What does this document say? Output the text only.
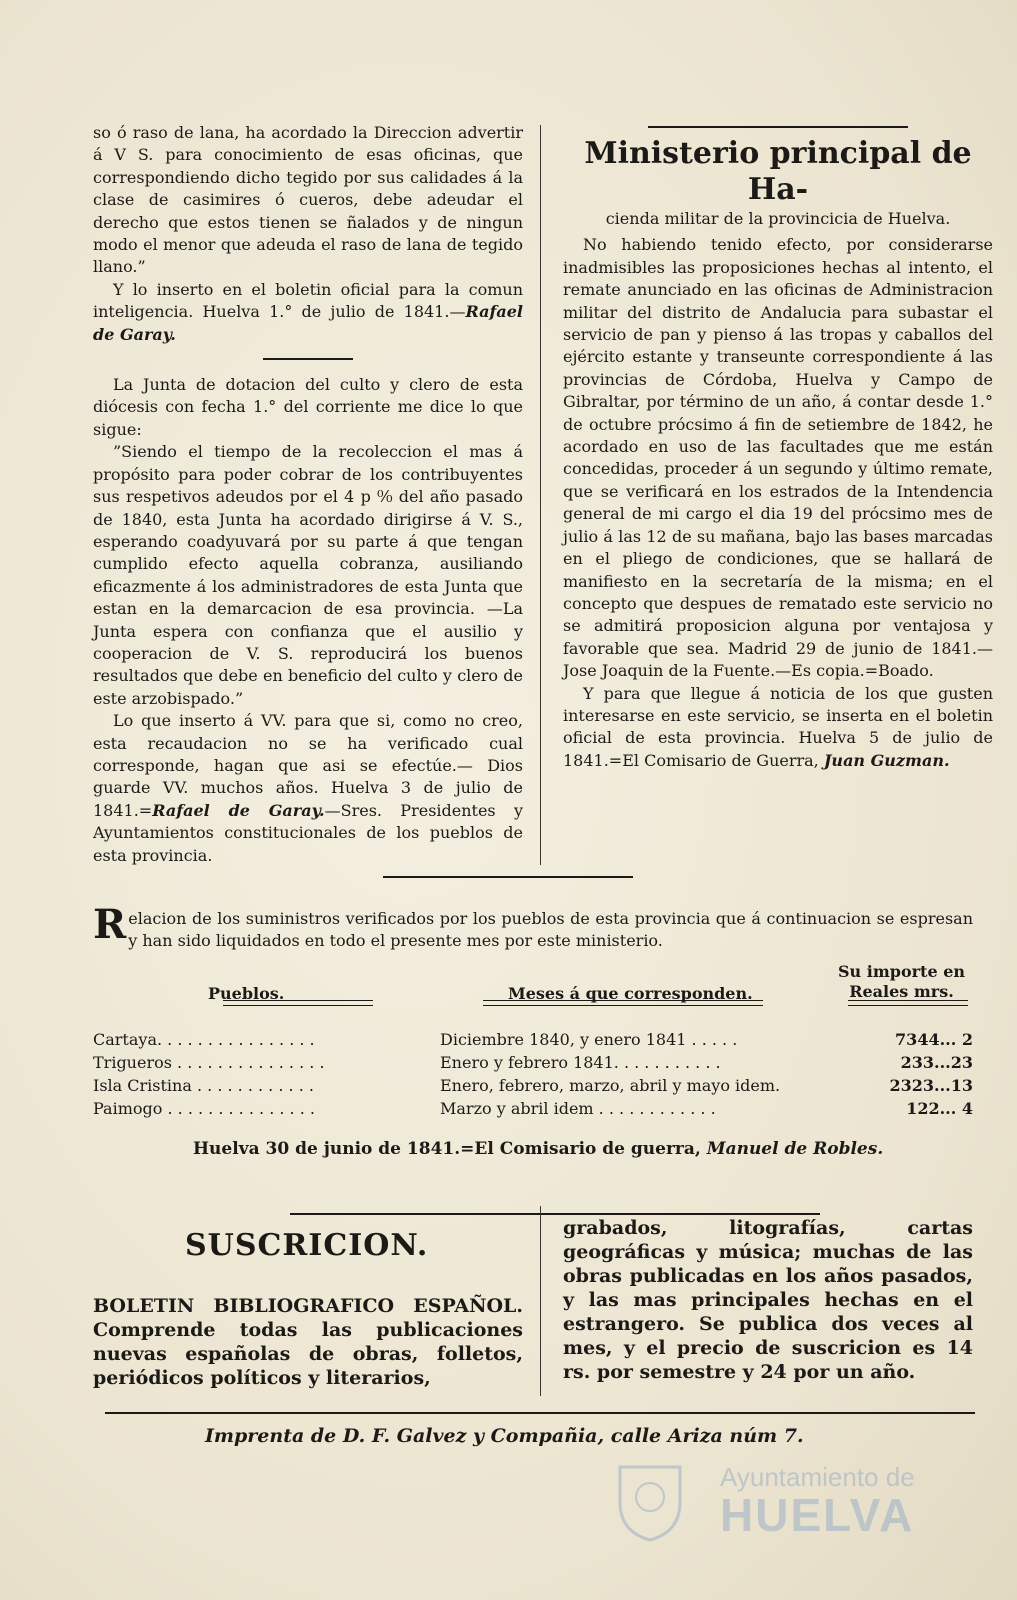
so ó raso de lana, ha acordado la Direccion advertir á V S. para conocimiento de esas oficinas, que correspondiendo dicho tegido por sus calidades á la clase de casimires ó cueros, debe adeudar el derecho que estos tienen se ñalados y de ningun modo el menor que adeuda el raso de lana de tegido llano.”

Y lo inserto en el boletin oficial para la comun inteligencia. Huelva 1.° de julio de 1841.—Rafael de Garay.

La Junta de dotacion del culto y clero de esta diócesis con fecha 1.° del corriente me dice lo que sigue:

”Siendo el tiempo de la recoleccion el mas á propósito para poder cobrar de los contribuyentes sus respetivos adeudos por el 4 p ⁰⁄₀ del año pasado de 1840, esta Junta ha acordado dirigirse á V. S., esperando coadyuvará por su parte á que tengan cumplido efecto aquella cobranza, ausiliando eficazmente á los administradores de esta Junta que estan en la demarcacion de esa provincia. —La Junta espera con confianza que el ausilio y cooperacion de V. S. reproducirá los buenos resultados que debe en beneficio del culto y clero de este arzobispado.”

Lo que inserto á VV. para que si, como no creo, esta recaudacion no se ha verificado cual corresponde, hagan que asi se efectúe.— Dios guarde VV. muchos años. Huelva 3 de julio de 1841.=Rafael de Garay.—Sres. Presidentes y Ayuntamientos constitucionales de los pueblos de esta provincia.

Ministerio principal de Ha-
cienda militar de la provincicia de Huelva.

No habiendo tenido efecto, por considerarse inadmisibles las proposiciones hechas al intento, el remate anunciado en las oficinas de Administracion militar del distrito de Andalucia para subastar el servicio de pan y pienso á las tropas y caballos del ejército estante y transeunte correspondiente á las provincias de Córdoba, Huelva y Campo de Gibraltar, por término de un año, á contar desde 1.° de octubre prócsimo á fin de setiembre de 1842, he acordado en uso de las facultades que me están concedidas, proceder á un segundo y último remate, que se verificará en los estrados de la Intendencia general de mi cargo el dia 19 del prócsimo mes de julio á las 12 de su mañana, bajo las bases marcadas en el pliego de condiciones, que se hallará de manifiesto en la secretaría de la misma; en el concepto que despues de rematado este servicio no se admitirá proposicion alguna por ventajosa y favorable que sea. Madrid 29 de junio de 1841.—Jose Joaquin de la Fuente.—Es copia.=Boado.

Y para que llegue á noticia de los que gusten interesarse en este servicio, se inserta en el boletin oficial de esta provincia. Huelva 5 de julio de 1841.=El Comisario de Guerra, Juan Guzman.

Relacion de los suministros verificados por los pueblos de esta provincia que á continuacion se espresan y han sido liquidados en todo el presente mes por este ministerio.
Pueblos.	Meses á que corresponden.
Su importe en
Reales mrs.
Cartaya. . . . . . . . . . . . . . . .	Diciembre 1840, y enero 1841 . . . . .	7344... 2
Trigueros . . . . . . . . . . . . . . .	Enero y febrero 1841. . . . . . . . . . .	233...23
Isla Cristina . . . . . . . . . . . .	Enero, febrero, marzo, abril y mayo idem.	2323...13
Paimogo . . . . . . . . . . . . . . .	Marzo y abril idem . . . . . . . . . . . .	122... 4
Huelva 30 de junio de 1841.=El Comisario de guerra, Manuel de Robles.
SUSCRICION.
BOLETIN BIBLIOGRAFICO ESPAÑOL. Comprende todas las publicaciones nuevas españolas de obras, folletos, periódicos políticos y literarios,
grabados, litografías, cartas geográficas y música; muchas de las obras publicadas en los años pasados, y las mas principales hechas en el estrangero. Se publica dos veces al mes, y el precio de suscricion es 14 rs. por semestre y 24 por un año.
Imprenta de D. F. Galvez y Compañia, calle Ariza núm 7.
Ayuntamiento de
HUELVA
